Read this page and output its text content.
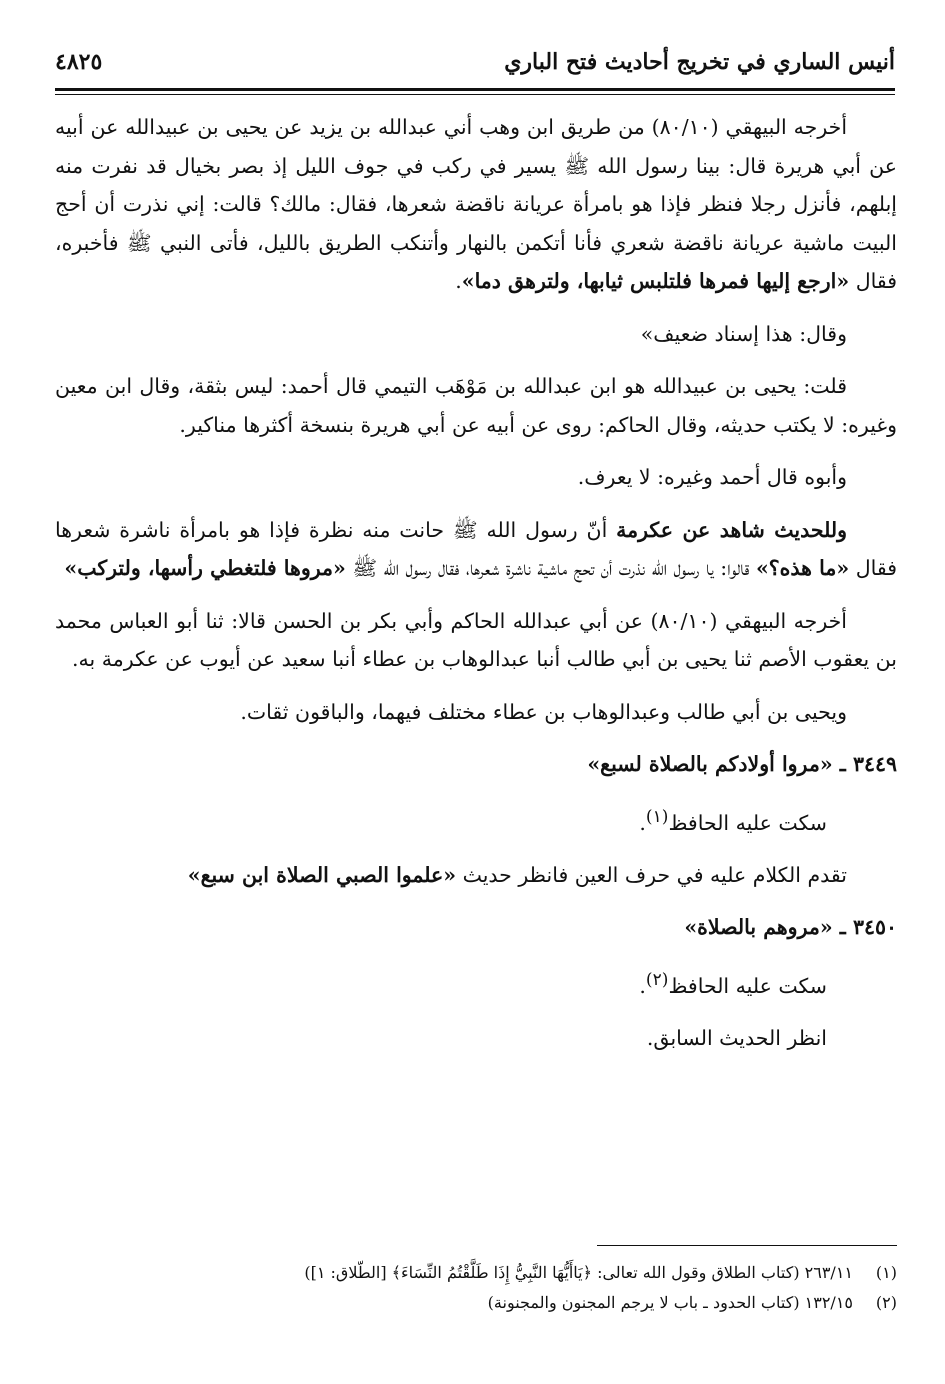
أنيس الساري في تخريج أحاديث فتح الباري
٤٨٢٥

أخرجه البيهقي (٨٠/١٠) من طريق ابن وهب أني عبدالله بن يزيد عن يحيى بن عبيدالله عن أبيه عن أبي هريرة قال: بينا رسول الله ﷺ يسير في ركب في جوف الليل إذ بصر بخيال قد نفرت منه إبلهم، فأنزل رجلا فنظر فإذا هو بامرأة عريانة ناقضة شعرها، فقال: مالك؟ قالت: إني نذرت أن أحج البيت ماشية عريانة ناقضة شعري فأنا أتكمن بالنهار وأتنكب الطريق بالليل، فأتى النبي ﷺ فأخبره، فقال «ارجع إليها فمرها فلتلبس ثيابها، ولترهق دما».

وقال: هذا إسناد ضعيف»

قلت: يحيى بن عبيدالله هو ابن عبدالله بن مَوْهَب التيمي قال أحمد: ليس بثقة، وقال ابن معين وغيره: لا يكتب حديثه، وقال الحاكم: روى عن أبيه عن أبي هريرة بنسخة أكثرها مناكير.

وأبوه قال أحمد وغيره: لا يعرف.

وللحديث شاهد عن عكرمة أنّ رسول الله ﷺ حانت منه نظرة فإذا هو بامرأة ناشرة شعرها فقال «ما هذه؟» قالوا: يا رسول الله نذرت أن تحج ماشية ناشرة شعرها، فقال رسول الله ﷺ «مروها فلتغطي رأسها، ولتركب»

أخرجه البيهقي (٨٠/١٠) عن أبي عبدالله الحاكم وأبي بكر بن الحسن قالا: ثنا أبو العباس محمد بن يعقوب الأصم ثنا يحيى بن أبي طالب أنبا عبدالوهاب بن عطاء أنبا سعيد عن أيوب عن عكرمة به.

ويحيى بن أبي طالب وعبدالوهاب بن عطاء مختلف فيهما، والباقون ثقات.

٣٤٤٩ ـ «مروا أولادكم بالصلاة لسبع»

سكت عليه الحافظ$^{(١)}$.

تقدم الكلام عليه في حرف العين فانظر حديث «علموا الصبي الصلاة ابن سبع»

٣٤٥٠ ـ «مروهم بالصلاة»

سكت عليه الحافظ$^{(٢)}$.

انظر الحديث السابق.

(١)٢٦٣/١١ (كتاب الطلاق وقول الله تعالى: ﴿يَاأَيُّهَا النَّبِيُّ إِذَا طَلَّقْتُمُ النِّسَاءَ﴾ [الطّلاق: ١])
(٢)١٣٢/١٥ (كتاب الحدود ـ باب لا يرجم المجنون والمجنونة)
